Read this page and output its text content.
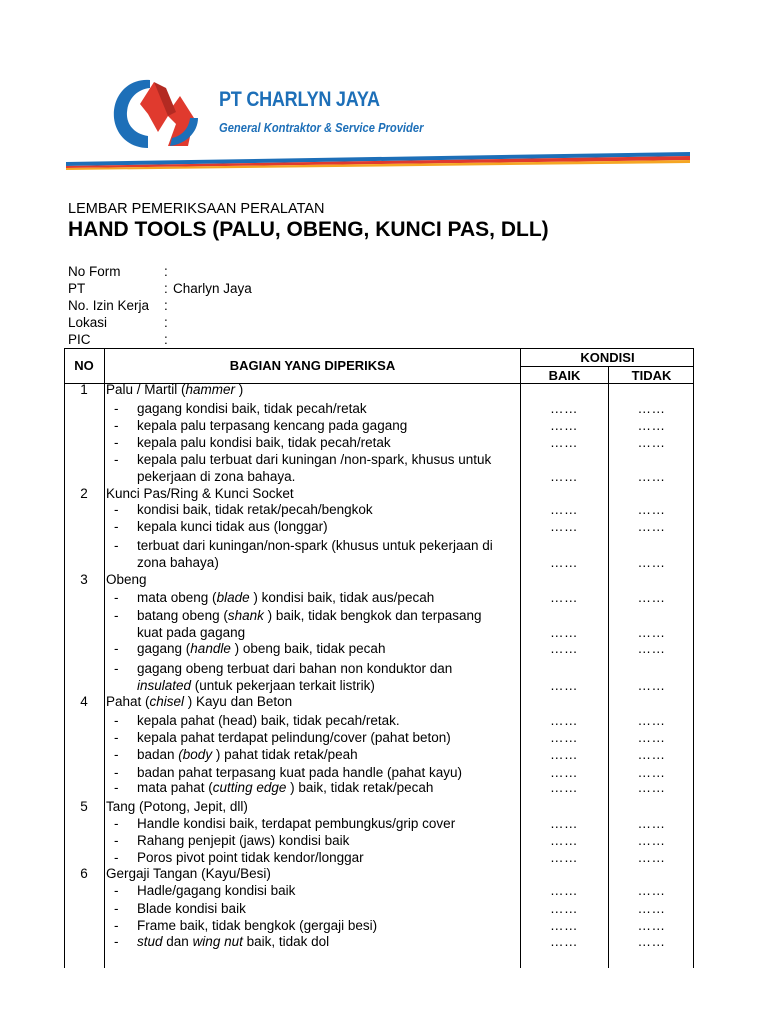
PT CHARLYN JAYA
General Kontraktor & Service Provider
LEMBAR PEMERIKSAAN PERALATAN
HAND TOOLS (PALU, OBENG, KUNCI PAS, DLL)
No Form	:
PT	: Charlyn Jaya
No. Izin Kerja :
Lokasi	:
PIC	:
NO	BAGIAN YANG DIPERIKSA
KONDISI
BAIK	TIDAK
1	Palu / Martil (hammer )
- gagang kondisi baik, tidak pecah/retak	……	……
- kepala palu terpasang kencang pada gagang	……	……
- kepala palu kondisi baik, tidak pecah/retak	……	……
- kepala palu terbuat dari kuningan /non-spark, khusus untuk
pekerjaan di zona bahaya.	……	……
2	Kunci Pas/Ring & Kunci Socket
- kondisi baik, tidak retak/pecah/bengkok	……	……
- kepala kunci tidak aus (longgar)	……	……
- terbuat dari kuningan/non-spark (khusus untuk pekerjaan di
zona bahaya)	……	……
3	Obeng
- mata obeng (blade ) kondisi baik, tidak aus/pecah	……	……
- batang obeng (shank ) baik, tidak bengkok dan terpasang
kuat pada gagang	……	……
- gagang (handle ) obeng baik, tidak pecah	……	……
- gagang obeng terbuat dari bahan non konduktor dan
insulated (untuk pekerjaan terkait listrik)	……	……
4	Pahat (chisel ) Kayu dan Beton
- kepala pahat (head) baik, tidak pecah/retak.	……	……
- kepala pahat terdapat pelindung/cover (pahat beton)	……	……
- badan (body ) pahat tidak retak/peah	……	……
- badan pahat terpasang kuat pada handle (pahat kayu)	……	……
- mata pahat (cutting edge ) baik, tidak retak/pecah	……	……
5	Tang (Potong, Jepit, dll)
- Handle kondisi baik, terdapat pembungkus/grip cover	……	……
- Rahang penjepit (jaws) kondisi baik	……	……
- Poros pivot point tidak kendor/longgar	……	……
6	Gergaji Tangan (Kayu/Besi)
- Hadle/gagang kondisi baik	……	……
- Blade kondisi baik	……	……
- Frame baik, tidak bengkok (gergaji besi)	……	……
- stud dan wing nut baik, tidak dol	……	……
